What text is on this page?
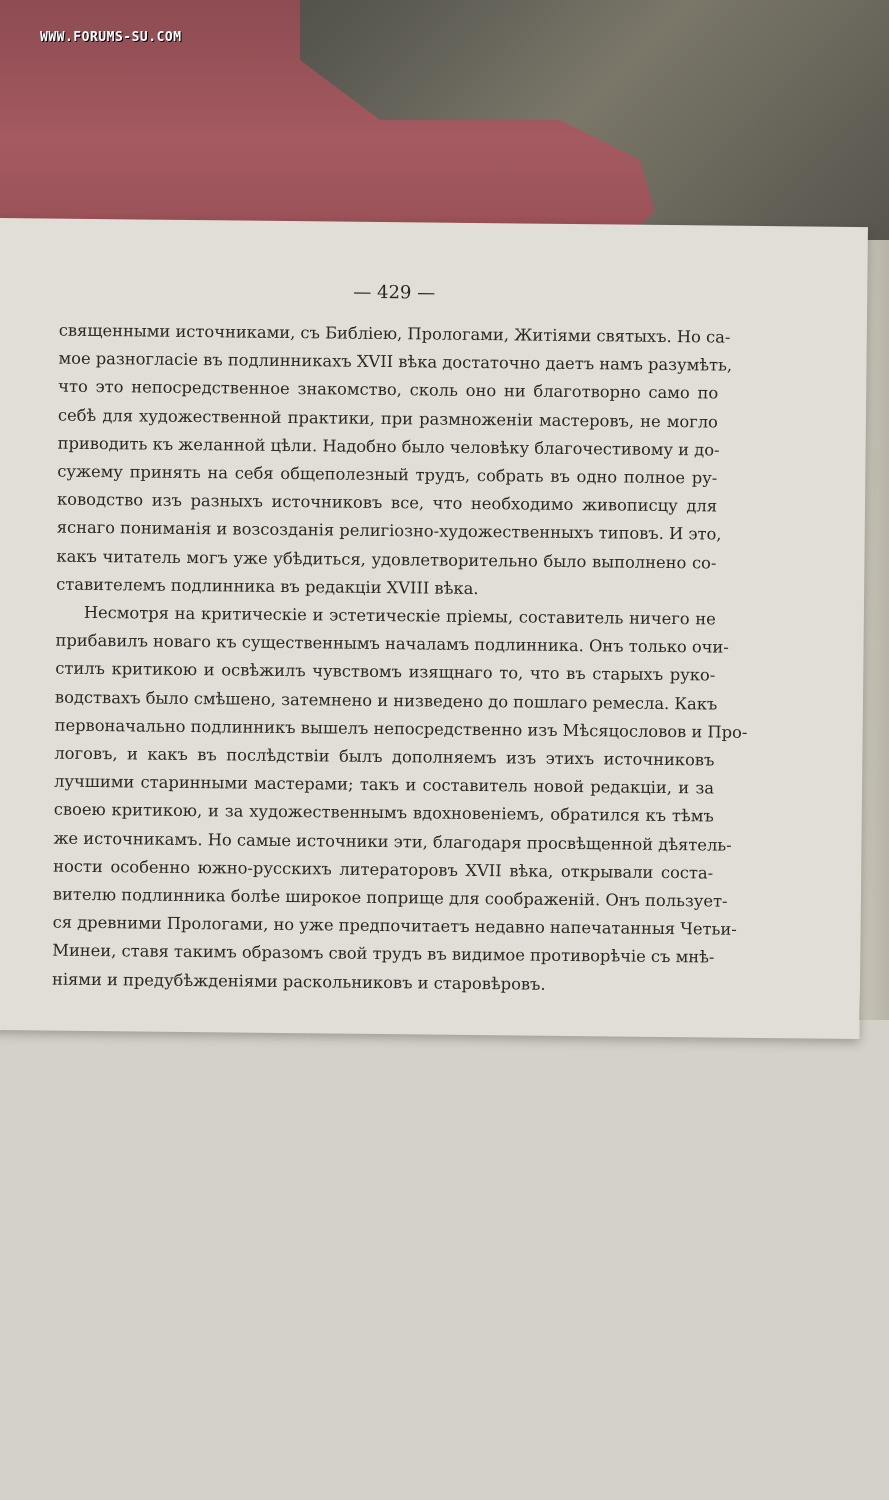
WWW.FORUMS-SU.COM
— 429 —
священными источниками, съ Библiею, Прологами, Житiями святыхъ. Но са-
мое разногласiе въ подлинникахъ XVII вѣка достаточно даетъ намъ разумѣть,
что это непосредственное знакомство, сколь оно ни благотворно само по
себѣ для художественной практики, при размноженiи мастеровъ, не могло
приводить къ желанной цѣли. Надобно было человѣку благочестивому и до-
сужему принять на себя общеполезный трудъ, собрать въ одно полное ру-
ководство изъ разныхъ источниковъ все, что необходимо живописцу для
яснаго пониманiя и возсозданiя религiозно-художественныхъ типовъ. И это,
какъ читатель могъ уже убѣдиться, удовлетворительно было выполнено со-
ставителемъ подлинника въ редакцiи XVIII вѣка.
Несмотря на критическiе и эстетическiе прiемы, составитель ничего не
прибавилъ новаго къ существеннымъ началамъ подлинника. Онъ только очи-
стилъ критикою и освѣжилъ чувствомъ изящнаго то, что въ старыхъ руко-
водствахъ было смѣшено, затемнено и низведено до пошлаго ремесла. Какъ
первоначально подлинникъ вышелъ непосредственно изъ Мѣсяцословов и Про-
логовъ, и какъ въ послѣдствiи былъ дополняемъ изъ этихъ источниковъ
лучшими старинными мастерами; такъ и составитель новой редакцiи, и за
своею критикою, и за художественнымъ вдохновенiемъ, обратился къ тѣмъ
же источникамъ. Но самые источники эти, благодаря просвѣщенной дѣятель-
ности особенно южно-русскихъ литераторовъ XVII вѣка, открывали соста-
вителю подлинника болѣе широкое поприще для соображенiй. Онъ пользует-
ся древними Прологами, но уже предпочитаетъ недавно напечатанныя Четьи-
Минеи, ставя такимъ образомъ свой трудъ въ видимое противорѣчiе съ мнѣ-
нiями и предубѣжденiями раскольниковъ и старовѣровъ.
